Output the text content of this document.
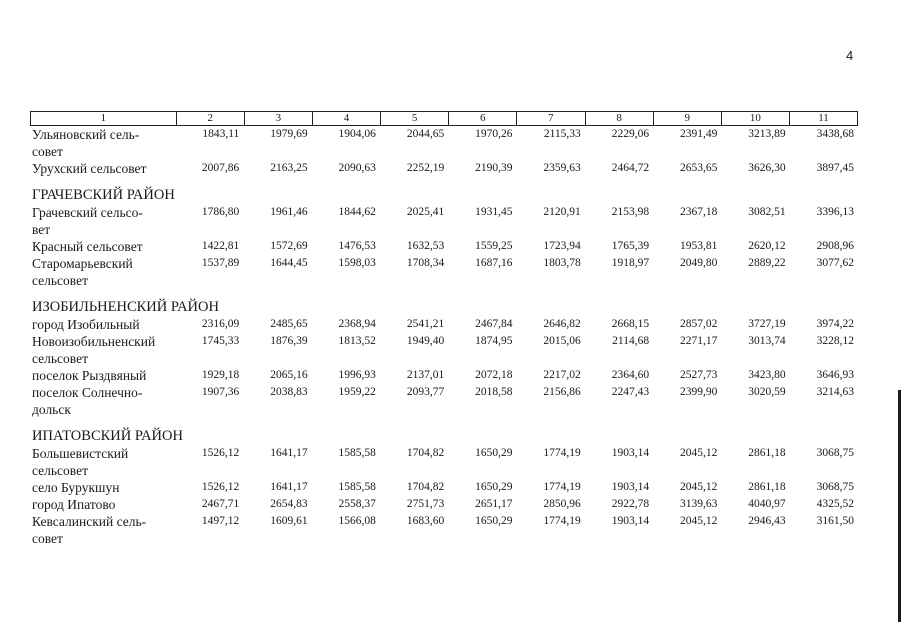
4
1	2	3	4	5	6	7	8	9	10	11
Ульяновский сель-
совет
1843,11	1979,69	1904,06	2044,65	1970,26	2115,33	2229,06	2391,49	3213,89	3438,68
Урухский сельсовет	2007,86	2163,25	2090,63	2252,19	2190,39	2359,63	2464,72	2653,65	3626,30	3897,45
ГРАЧЕВСКИЙ РАЙОН
Грачевский сельсо-
вет
1786,80	1961,46	1844,62	2025,41	1931,45	2120,91	2153,98	2367,18	3082,51	3396,13
Красный сельсовет	1422,81	1572,69	1476,53	1632,53	1559,25	1723,94	1765,39	1953,81	2620,12	2908,96
Старомарьевский
сельсовет
1537,89	1644,45	1598,03	1708,34	1687,16	1803,78	1918,97	2049,80	2889,22	3077,62
ИЗОБИЛЬНЕНСКИЙ РАЙОН
город Изобильный	2316,09	2485,65	2368,94	2541,21	2467,84	2646,82	2668,15	2857,02	3727,19	3974,22
Новоизобильненский
сельсовет
1745,33	1876,39	1813,52	1949,40	1874,95	2015,06	2114,68	2271,17	3013,74	3228,12
поселок Рыздвяный	1929,18	2065,16	1996,93	2137,01	2072,18	2217,02	2364,60	2527,73	3423,80	3646,93
поселок Солнечно-
дольск
1907,36	2038,83	1959,22	2093,77	2018,58	2156,86	2247,43	2399,90	3020,59	3214,63
ИПАТОВСКИЙ РАЙОН
Большевистский
сельсовет
1526,12	1641,17	1585,58	1704,82	1650,29	1774,19	1903,14	2045,12	2861,18	3068,75
село Бурукшун	1526,12	1641,17	1585,58	1704,82	1650,29	1774,19	1903,14	2045,12	2861,18	3068,75
город Ипатово	2467,71	2654,83	2558,37	2751,73	2651,17	2850,96	2922,78	3139,63	4040,97	4325,52
Кевсалинский сель-
совет
1497,12	1609,61	1566,08	1683,60	1650,29	1774,19	1903,14	2045,12	2946,43	3161,50
